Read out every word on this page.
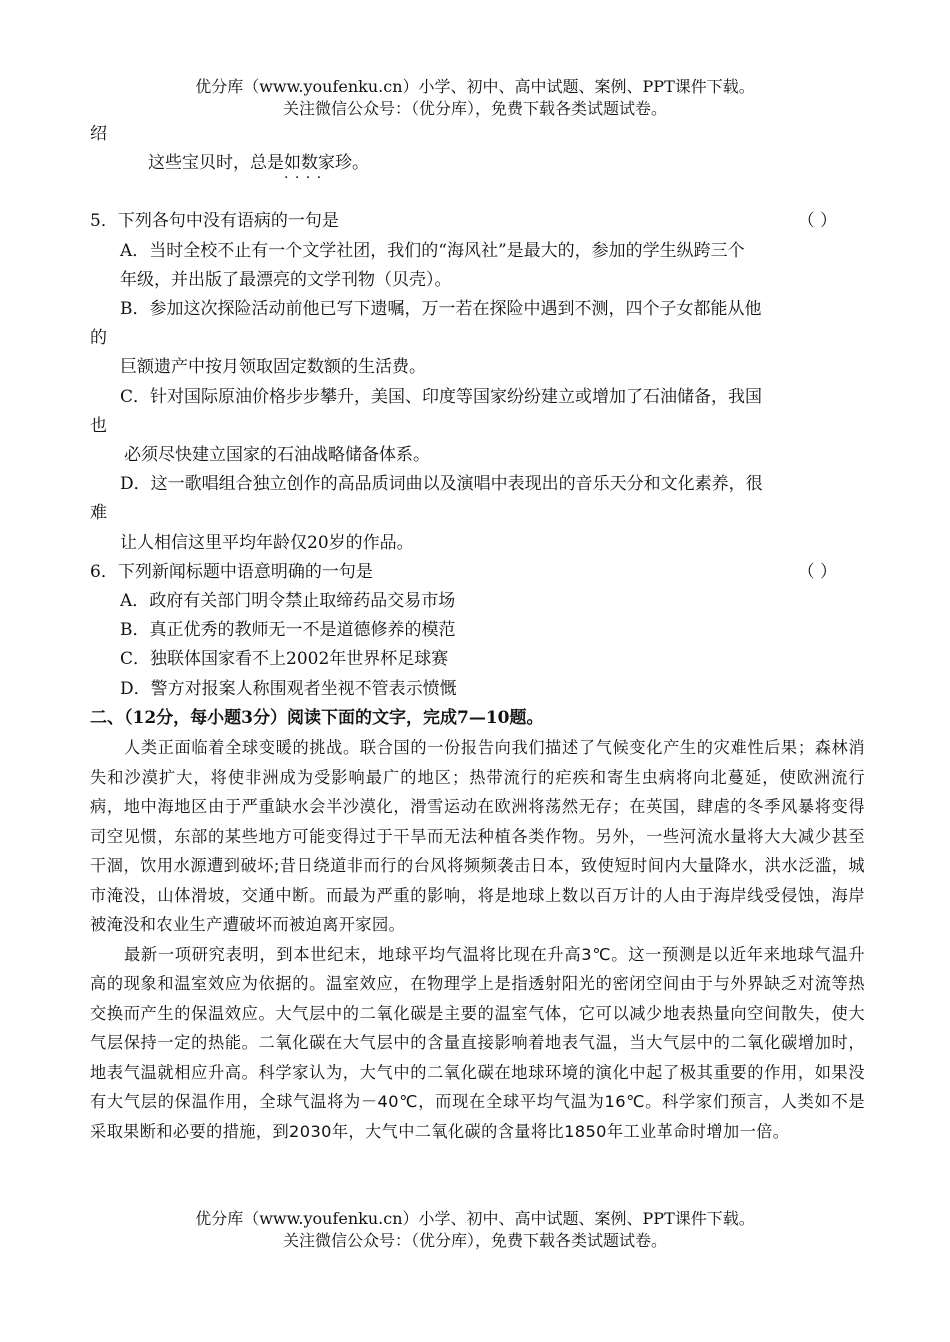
优分库（www.youfenku.cn）小学、初中、高中试题、案例、PPT课件下载。
关注微信公众号：（优分库），免费下载各类试题试卷。

绍

这些宝贝时，总是如数家珍 · · 。

5．下列各句中没有语病的一句是	（ ）

A．当时全校不止有一个文学社团，我们的“海风社”是最大的，参加的学生纵跨三个

年级，并出版了最漂亮的文学刊物（贝壳）。

B．参加这次探险活动前他已写下遗嘱，万一若在探险中遇到不测，四个子女都能从他

的

巨额遗产中按月领取固定数额的生活费。

C．针对国际原油价格步步攀升，美国、印度等国家纷纷建立或增加了石油储备，我国

也

必须尽快建立国家的石油战略储备体系。

D．这一歌唱组合独立创作的高品质词曲以及演唱中表现出的音乐天分和文化素养，很

难

让人相信这里平均年龄仅20岁的作品。

6．下列新闻标题中语意明确的一句是	（ ）

A．政府有关部门明令禁止取缔药品交易市场

B．真正优秀的教师无一不是道德修养的模范

C．独联体国家看不上2002年世界杯足球赛

D．警方对报案人称围观者坐视不管表示愤慨

二、（12分，每小题3分）阅读下面的文字，完成7—10题。

人类正面临着全球变暖的挑战。联合国的一份报告向我们描述了气候变化产生的灾难性后果；森林消失和沙漠扩大，将使非洲成为受影响最广的地区；热带流行的疟疾和寄生虫病将向北蔓延，使欧洲流行病，地中海地区由于严重缺水会半沙漠化，滑雪运动在欧洲将荡然无存；在英国，肆虐的冬季风暴将变得司空见惯，东部的某些地方可能变得过于干旱而无法种植各类作物。另外，一些河流水量将大大减少甚至干涸，饮用水源遭到破坏;昔日绕道非而行的台风将频频袭击日本，致使短时间内大量降水，洪水泛滥，城市淹没，山体滑坡，交通中断。而最为严重的影响，将是地球上数以百万计的人由于海岸线受侵蚀，海岸被淹没和农业生产遭破坏而被迫离开家园。

最新一项研究表明，到本世纪末，地球平均气温将比现在升高3℃。这一预测是以近年来地球气温升高的现象和温室效应为依据的。温室效应，在物理学上是指透射阳光的密闭空间由于与外界缺乏对流等热交换而产生的保温效应。大气层中的二氧化碳是主要的温室气体，它可以减少地表热量向空间散失，使大气层保持一定的热能。二氧化碳在大气层中的含量直接影响着地表气温，当大气层中的二氧化碳增加时，地表气温就相应升高。科学家认为，大气中的二氧化碳在地球环境的演化中起了极其重要的作用，如果没有大气层的保温作用，全球气温将为－40℃，而现在全球平均气温为16℃。科学家们预言，人类如不是采取果断和必要的措施，到2030年，大气中二氧化碳的含量将比1850年工业革命时增加一倍。

优分库（www.youfenku.cn）小学、初中、高中试题、案例、PPT课件下载。
关注微信公众号：（优分库），免费下载各类试题试卷。
